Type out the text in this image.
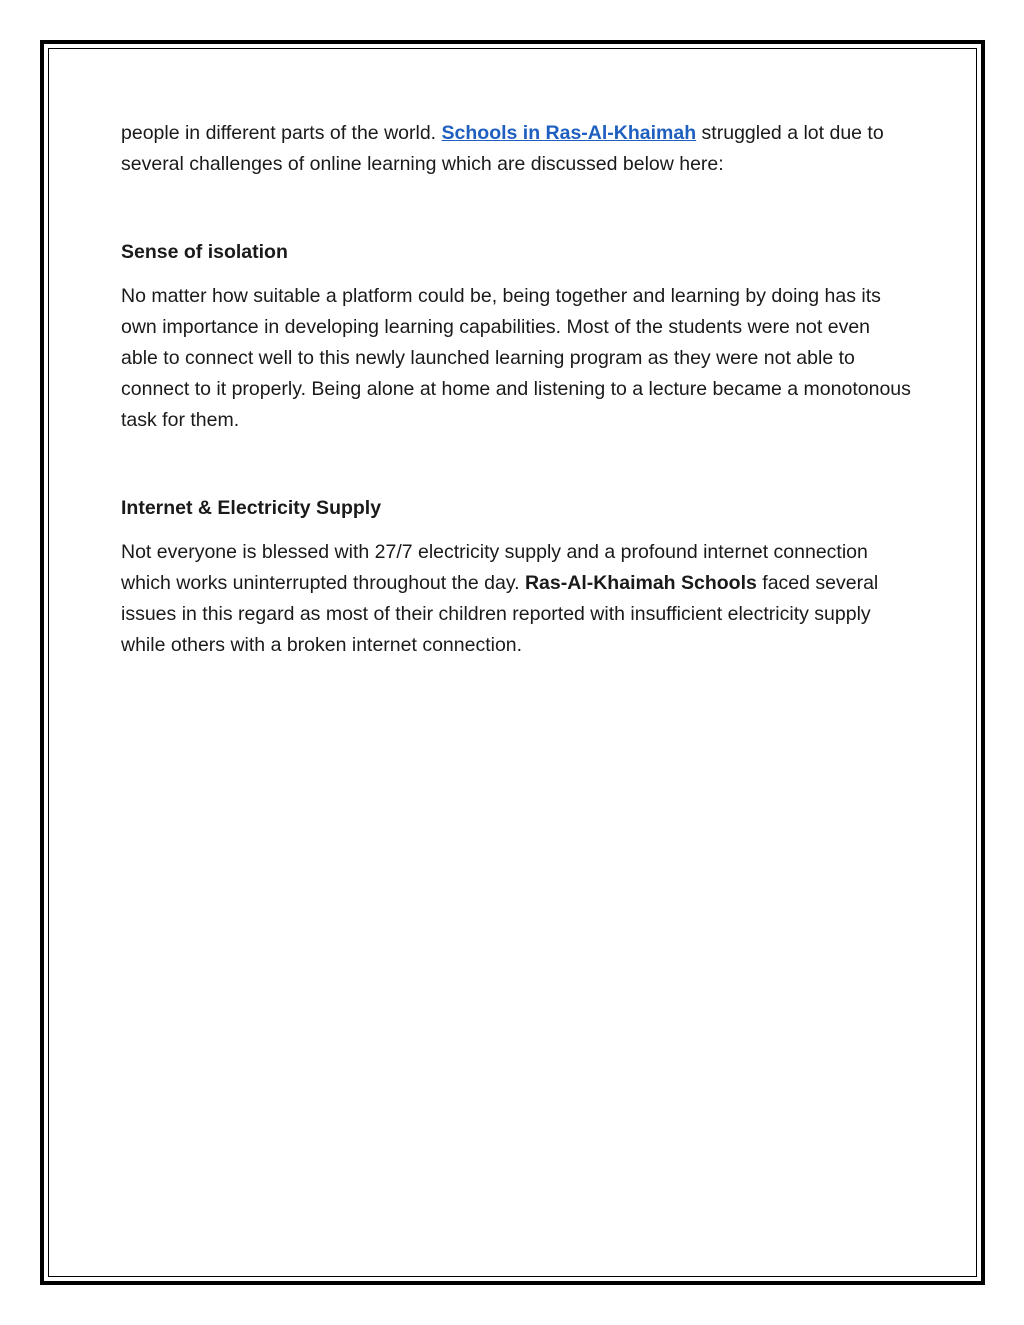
people in different parts of the world. Schools in Ras-Al-Khaimah struggled a lot due to several challenges of online learning which are discussed below here:

Sense of isolation

No matter how suitable a platform could be, being together and learning by doing has its own importance in developing learning capabilities. Most of the students were not even able to connect well to this newly launched learning program as they were not able to connect to it properly. Being alone at home and listening to a lecture became a monotonous task for them.

Internet & Electricity Supply

Not everyone is blessed with 27/7 electricity supply and a profound internet connection which works uninterrupted throughout the day. Ras-Al-Khaimah Schools faced several issues in this regard as most of their children reported with insufficient electricity supply while others with a broken internet connection.
